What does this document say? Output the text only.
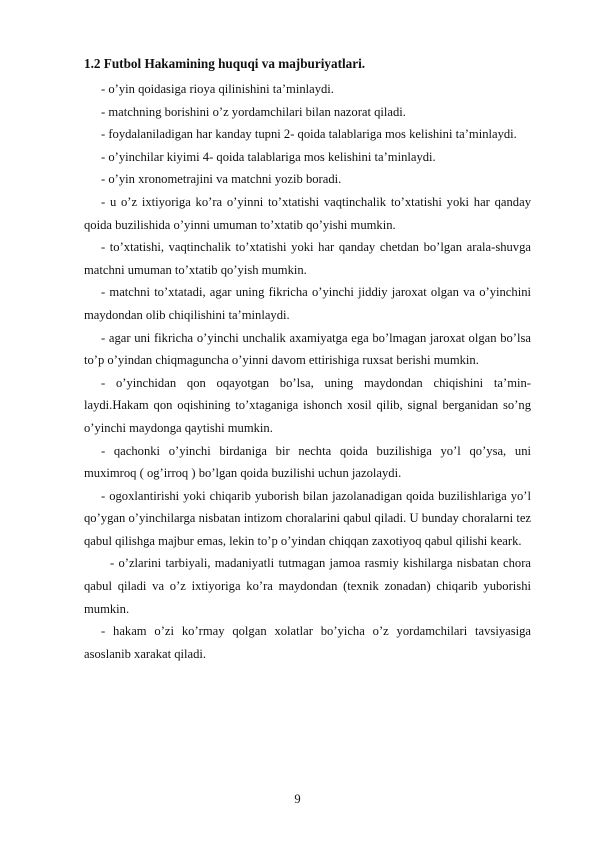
1.2 Futbol Hakamining huquqi va majburiyatlari.

- o’yin qoidasiga rioya qilinishini ta’minlaydi.

- matchning borishini o’z yordamchilari bilan nazorat qiladi.

- foydalaniladigan har kanday tupni 2- qoida talablariga mos kelishini ta’minlaydi.

- o’yinchilar kiyimi 4- qoida talablariga mos kelishini ta’minlaydi.

- o’yin xronometrajini va matchni yozib boradi.

- u o’z ixtiyoriga ko’ra o’yinni to’xtatishi vaqtinchalik to’xtatishi yoki har qanday qoida buzilishida o’yinni umuman to’xtatib qo’yishi mumkin.

- to’xtatishi, vaqtinchalik to’xtatishi yoki har qanday chetdan bo’lgan arala-shuvga matchni umuman to’xtatib qo’yish mumkin.

- matchni to’xtatadi, agar uning fikricha o’yinchi jiddiy jaroxat olgan va o’yinchini maydondan olib chiqilishini ta’minlaydi.

- agar uni fikricha o’yinchi unchalik axamiyatga ega bo’lmagan jaroxat olgan bo’lsa to’p o’yindan chiqmaguncha o’yinni davom ettirishiga ruxsat berishi mumkin.

- o’yinchidan qon oqayotgan bo’lsa, uning maydondan chiqishini ta’min-laydi.Hakam qon oqishining to’xtaganiga ishonch xosil qilib, signal berganidan so’ng o’yinchi maydonga qaytishi mumkin.

- qachonki o’yinchi birdaniga bir nechta qoida buzilishiga yo’l qo’ysa, uni muximroq ( og’irroq ) bo’lgan qoida buzilishi uchun jazolaydi.

- ogoxlantirishi yoki chiqarib yuborish bilan jazolanadigan qoida buzilishlariga yo’l qo’ygan o’yinchilarga nisbatan intizom choralarini qabul qiladi. U bunday choralarni tez qabul qilishga majbur emas, lekin to’p o’yindan chiqqan zaxotiyoq qabul qilishi keark.

- o’zlarini tarbiyali, madaniyatli tutmagan jamoa rasmiy kishilarga nisbatan chora qabul qiladi va o’z ixtiyoriga ko’ra maydondan (texnik zonadan) chiqarib yuborishi mumkin.

- hakam o’zi ko’rmay qolgan xolatlar bo’yicha o’z yordamchilari tavsiyasiga asoslanib xarakat qiladi.

9
